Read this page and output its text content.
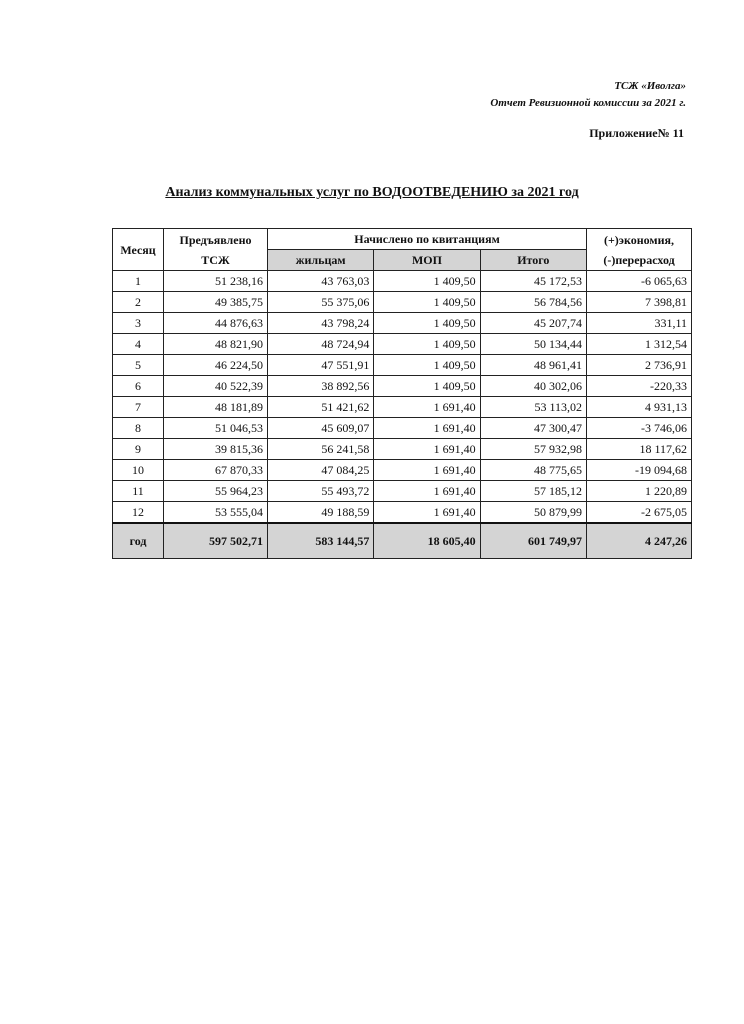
ТСЖ «Иволга»
Отчет Ревизионной комиссии за 2021 г.
Приложение№ 11
Анализ коммунальных услуг по ВОДООТВЕДЕНИЮ за 2021 год
Месяц	Предъявлено ТСЖ	Начислено по квитанциям			(+)экономия,
(-)перерасход
		жильцам	МОП	Итого	
1	51 238,16	43 763,03	1 409,50	45 172,53	-6 065,63
2	49 385,75	55 375,06	1 409,50	56 784,56	7 398,81
3	44 876,63	43 798,24	1 409,50	45 207,74	331,11
4	48 821,90	48 724,94	1 409,50	50 134,44	1 312,54
5	46 224,50	47 551,91	1 409,50	48 961,41	2 736,91
6	40 522,39	38 892,56	1 409,50	40 302,06	-220,33
7	48 181,89	51 421,62	1 691,40	53 113,02	4 931,13
8	51 046,53	45 609,07	1 691,40	47 300,47	-3 746,06
9	39 815,36	56 241,58	1 691,40	57 932,98	18 117,62
10	67 870,33	47 084,25	1 691,40	48 775,65	-19 094,68
11	55 964,23	55 493,72	1 691,40	57 185,12	1 220,89
12	53 555,04	49 188,59	1 691,40	50 879,99	-2 675,05
год	597 502,71	583 144,57	18 605,40	601 749,97	4 247,26
